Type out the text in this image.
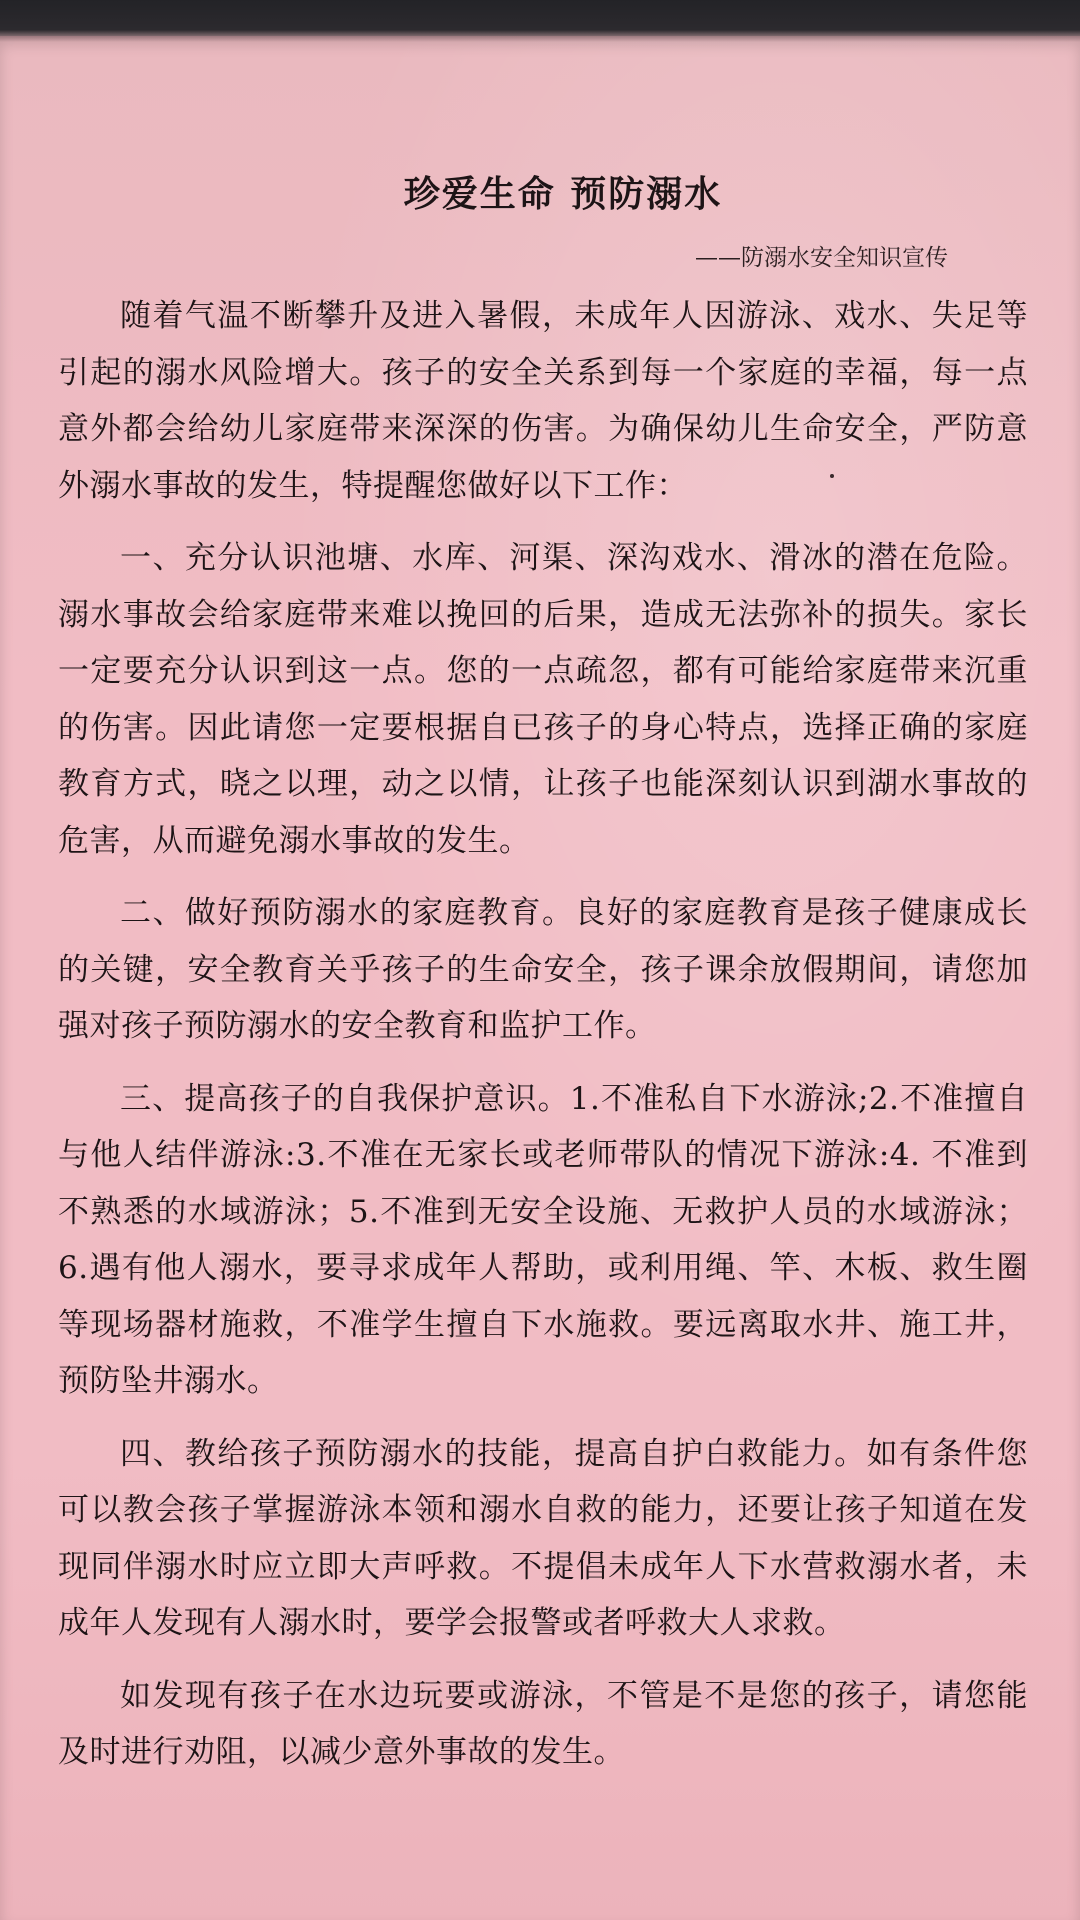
珍爱生命 预防溺水
——防溺水安全知识宣传

随着气温不断攀升及进入暑假，未成年人因游泳、戏水、失足等引起的溺水风险增大。孩子的安全关系到每一个家庭的幸福，每一点意外都会给幼儿家庭带来深深的伤害。为确保幼儿生命安全，严防意外溺水事故的发生，特提醒您做好以下工作：

一、充分认识池塘、水库、河渠、深沟戏水、滑冰的潜在危险。溺水事故会给家庭带来难以挽回的后果，造成无法弥补的损失。家长一定要充分认识到这一点。您的一点疏忽，都有可能给家庭带来沉重的伤害。因此请您一定要根据自已孩子的身心特点，选择正确的家庭教育方式，晓之以理，动之以情，让孩子也能深刻认识到湖水事故的危害，从而避免溺水事故的发生。

二、做好预防溺水的家庭教育。良好的家庭教育是孩子健康成长的关键，安全教育关乎孩子的生命安全，孩子课余放假期间，请您加强对孩子预防溺水的安全教育和监护工作。

三、提高孩子的自我保护意识。1.不准私自下水游泳;2.不准擅自与他人结伴游泳:3.不准在无家长或老师带队的情况下游泳:4. 不准到不熟悉的水域游泳；5.不准到无安全设施、无救护人员的水域游泳；6.遇有他人溺水，要寻求成年人帮助，或利用绳、竿、木板、救生圈等现场器材施救，不准学生擅自下水施救。要远离取水井、施工井，预防坠井溺水。

四、教给孩子预防溺水的技能，提高自护白救能力。如有条件您可以教会孩子掌握游泳本领和溺水自救的能力，还要让孩子知道在发现同伴溺水时应立即大声呼救。不提倡未成年人下水营救溺水者，未成年人发现有人溺水时，要学会报警或者呼救大人求救。

如发现有孩子在水边玩要或游泳，不管是不是您的孩子，请您能及时进行劝阻，以减少意外事故的发生。
